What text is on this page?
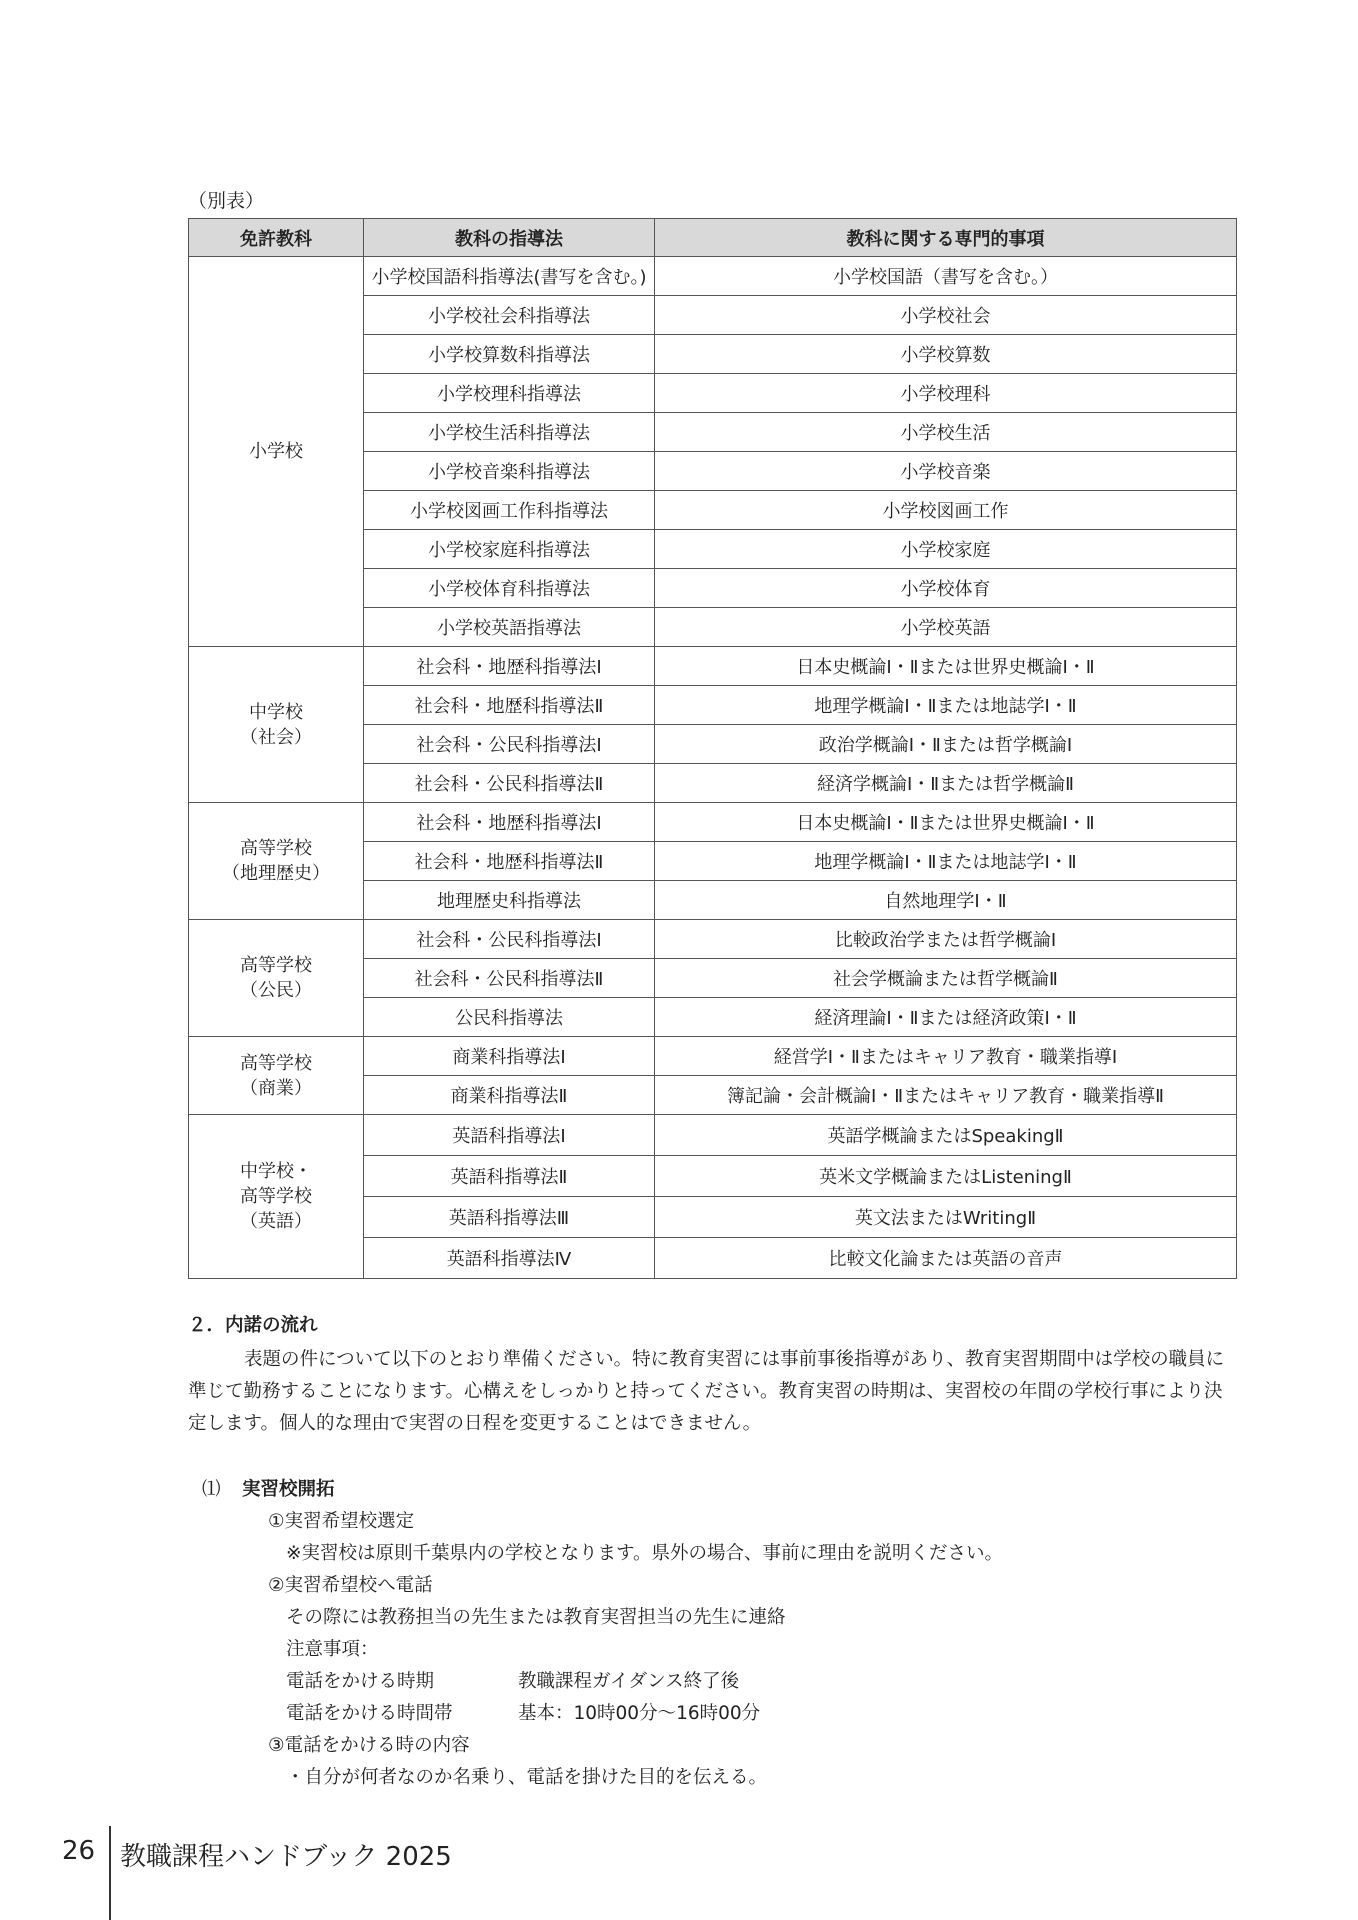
（別表）
免許教科	教科の指導法	教科に関する専門的事項

小学校	小学校国語科指導法(書写を含む。)	小学校国語（書写を含む。）
	小学校社会科指導法	小学校社会
	小学校算数科指導法	小学校算数
	小学校理科指導法	小学校理科
	小学校生活科指導法	小学校生活
	小学校音楽科指導法	小学校音楽
	小学校図画工作科指導法	小学校図画工作
	小学校家庭科指導法	小学校家庭
	小学校体育科指導法	小学校体育
	小学校英語指導法	小学校英語

中学校
（社会）	社会科・地歴科指導法Ⅰ	日本史概論Ⅰ・Ⅱまたは世界史概論Ⅰ・Ⅱ
	社会科・地歴科指導法Ⅱ	地理学概論Ⅰ・Ⅱまたは地誌学Ⅰ・Ⅱ
	社会科・公民科指導法Ⅰ	政治学概論Ⅰ・Ⅱまたは哲学概論Ⅰ
	社会科・公民科指導法Ⅱ	経済学概論Ⅰ・Ⅱまたは哲学概論Ⅱ

高等学校
（地理歴史）	社会科・地歴科指導法Ⅰ	日本史概論Ⅰ・Ⅱまたは世界史概論Ⅰ・Ⅱ
	社会科・地歴科指導法Ⅱ	地理学概論Ⅰ・Ⅱまたは地誌学Ⅰ・Ⅱ
	地理歴史科指導法	自然地理学Ⅰ・Ⅱ

高等学校
（公民）	社会科・公民科指導法Ⅰ	比較政治学または哲学概論Ⅰ
	社会科・公民科指導法Ⅱ	社会学概論または哲学概論Ⅱ
	公民科指導法	経済理論Ⅰ・Ⅱまたは経済政策Ⅰ・Ⅱ

高等学校
（商業）	商業科指導法Ⅰ	経営学Ⅰ・Ⅱまたはキャリア教育・職業指導Ⅰ
	商業科指導法Ⅱ	簿記論・会計概論Ⅰ・Ⅱまたはキャリア教育・職業指導Ⅱ

中学校・
高等学校
（英語）	英語科指導法Ⅰ	英語学概論またはSpeakingⅡ
	英語科指導法Ⅱ	英米文学概論またはListeningⅡ
	英語科指導法Ⅲ	英文法またはWritingⅡ
	英語科指導法Ⅳ	比較文化論または英語の音声
２．内諾の流れ
表題の件について以下のとおり準備ください。特に教育実習には事前事後指導があり、教育実習期間中は学校の職員に準じて勤務することになります。心構えをしっかりと持ってください。教育実習の時期は、実習校の年間の学校行事により決定します。個人的な理由で実習の日程を変更することはできません。
⑴ 実習校開拓
①実習希望校選定
※実習校は原則千葉県内の学校となります。県外の場合、事前に理由を説明ください。
②実習希望校へ電話
その際には教務担当の先生または教育実習担当の先生に連絡
注意事項：
電話をかける時期	教職課程ガイダンス終了後
電話をかける時間帯	基本：10時00分～16時00分
③電話をかける時の内容
・自分が何者なのか名乗り、電話を掛けた目的を伝える。
26 教職課程ハンドブック 2025
